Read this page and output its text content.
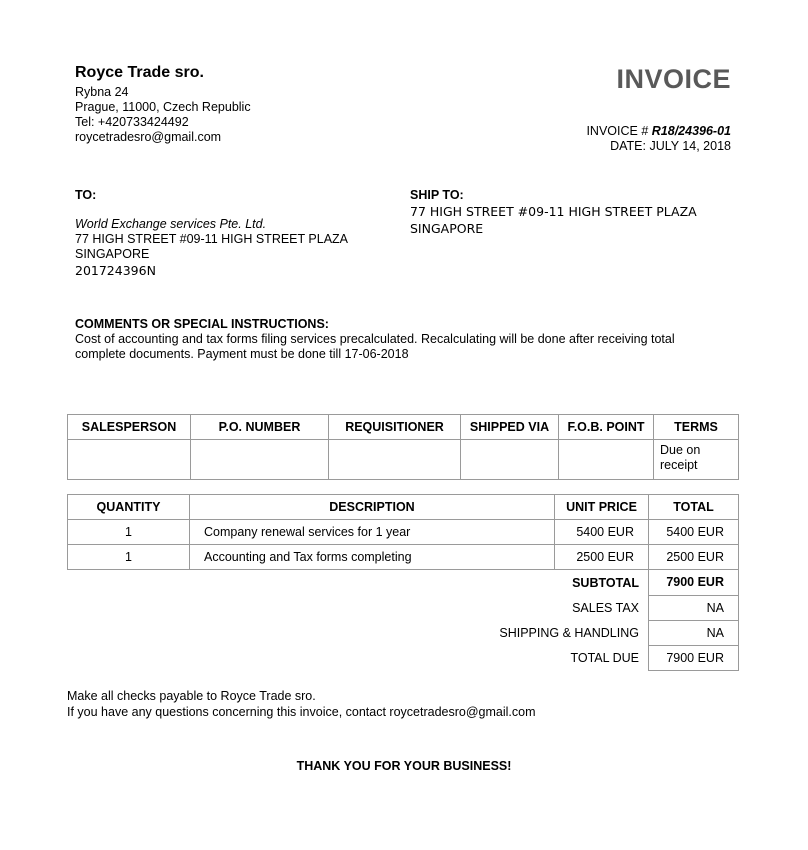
Royce Trade sro.
Rybna 24
Prague, 11000, Czech Republic
Tel: +420733424492
roycetradesro@gmail.com
INVOICE
INVOICE # R18/24396-01
DATE: JULY 14, 2018
TO:
World Exchange services Pte. Ltd.
77 HIGH STREET #09-11 HIGH STREET PLAZA
SINGAPORE
201724396N
SHIP TO:
77 HIGH STREET #09-11 HIGH STREET PLAZA
SINGAPORE
COMMENTS OR SPECIAL INSTRUCTIONS:
Cost of accounting and tax forms filing services precalculated. Recalculating will be done after receiving total complete documents. Payment must be done till 17-06-2018
SALESPERSON	P.O. NUMBER	REQUISITIONER	SHIPPED VIA	F.O.B. POINT	TERMS
					Due on receipt
QUANTITY	DESCRIPTION	UNIT PRICE	TOTAL
1	Company renewal services for 1 year	5400 EUR	5400 EUR
1	Accounting and Tax forms completing	2500 EUR	2500 EUR
SUBTOTAL			7900 EUR
SALES TAX			NA
SHIPPING & HANDLING			NA
TOTAL DUE			7900 EUR
Make all checks payable to Royce Trade sro.
If you have any questions concerning this invoice, contact roycetradesro@gmail.com
THANK YOU FOR YOUR BUSINESS!
